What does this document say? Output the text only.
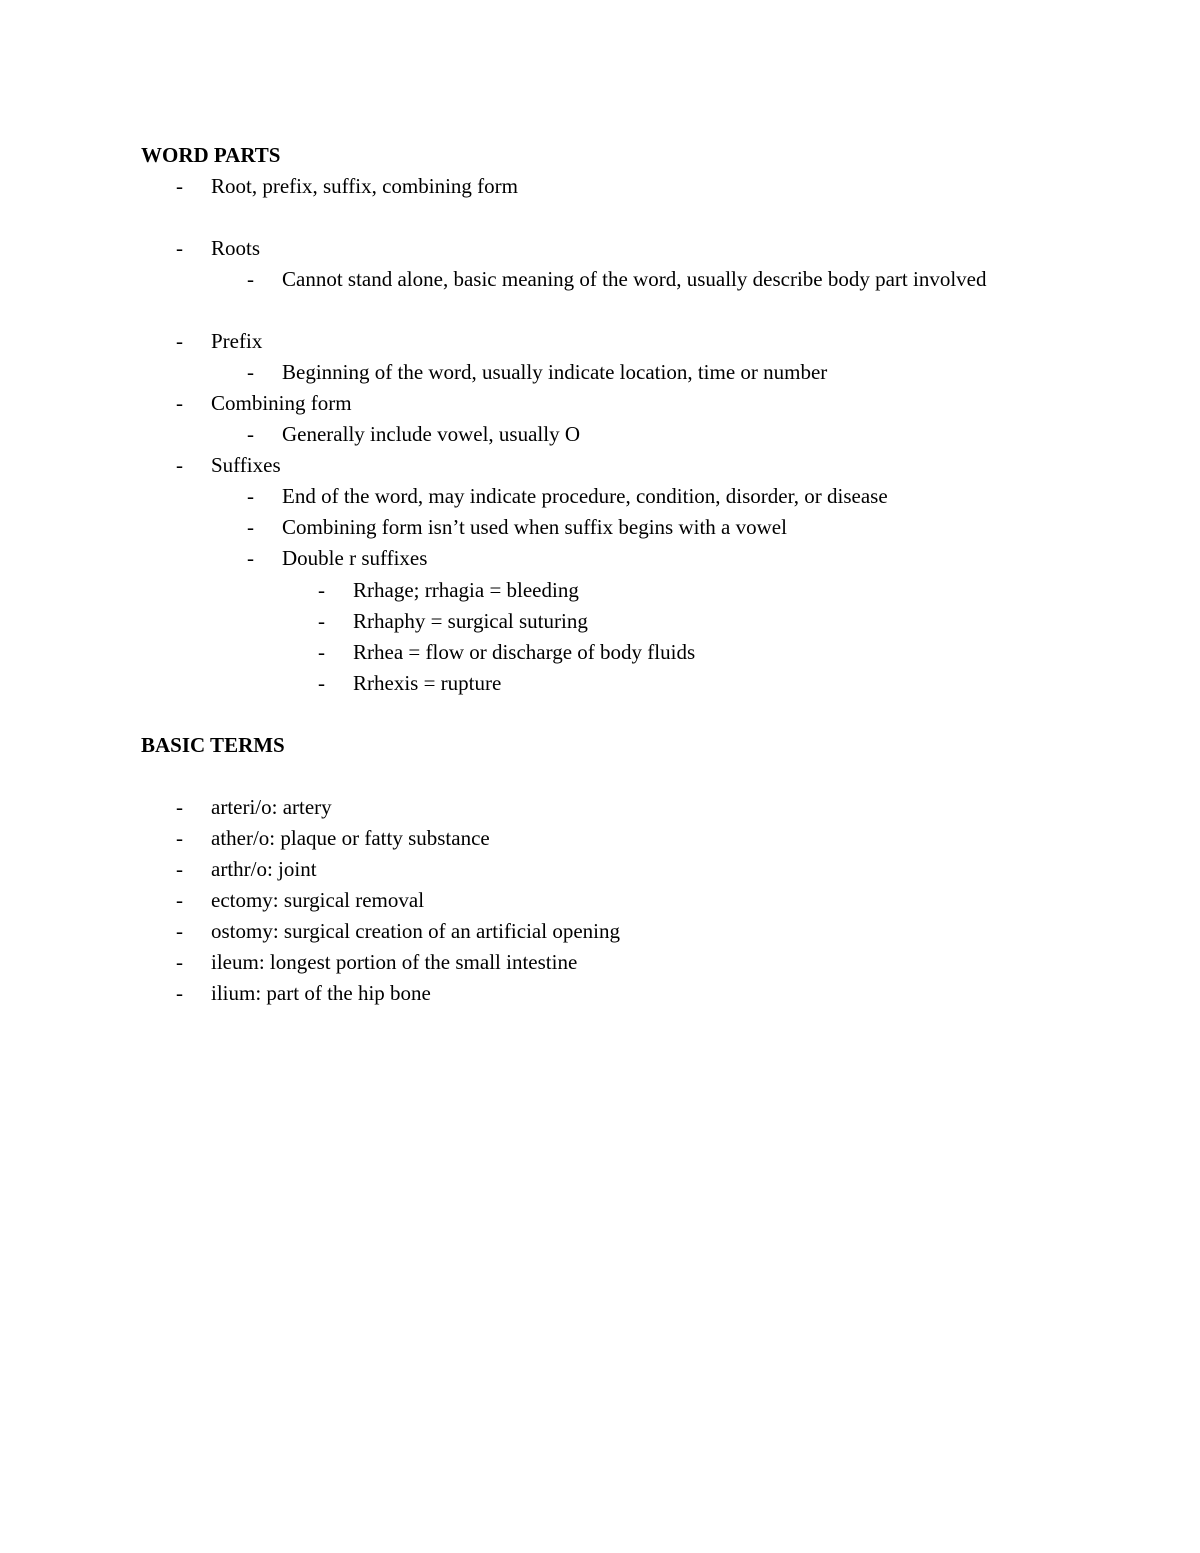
WORD PARTS
- Root, prefix, suffix, combining form
- Roots
- Cannot stand alone, basic meaning of the word, usually describe body part involved
- Prefix
- Beginning of the word, usually indicate location, time or number
- Combining form
- Generally include vowel, usually O
- Suffixes
- End of the word, may indicate procedure, condition, disorder, or disease
- Combining form isn’t used when suffix begins with a vowel
- Double r suffixes
- Rrhage; rrhagia = bleeding
- Rrhaphy = surgical suturing
- Rrhea = flow or discharge of body fluids
- Rrhexis = rupture
BASIC TERMS
- arteri/o: artery
- ather/o: plaque or fatty substance
- arthr/o: joint
- ectomy: surgical removal
- ostomy: surgical creation of an artificial opening
- ileum: longest portion of the small intestine
- ilium: part of the hip bone
